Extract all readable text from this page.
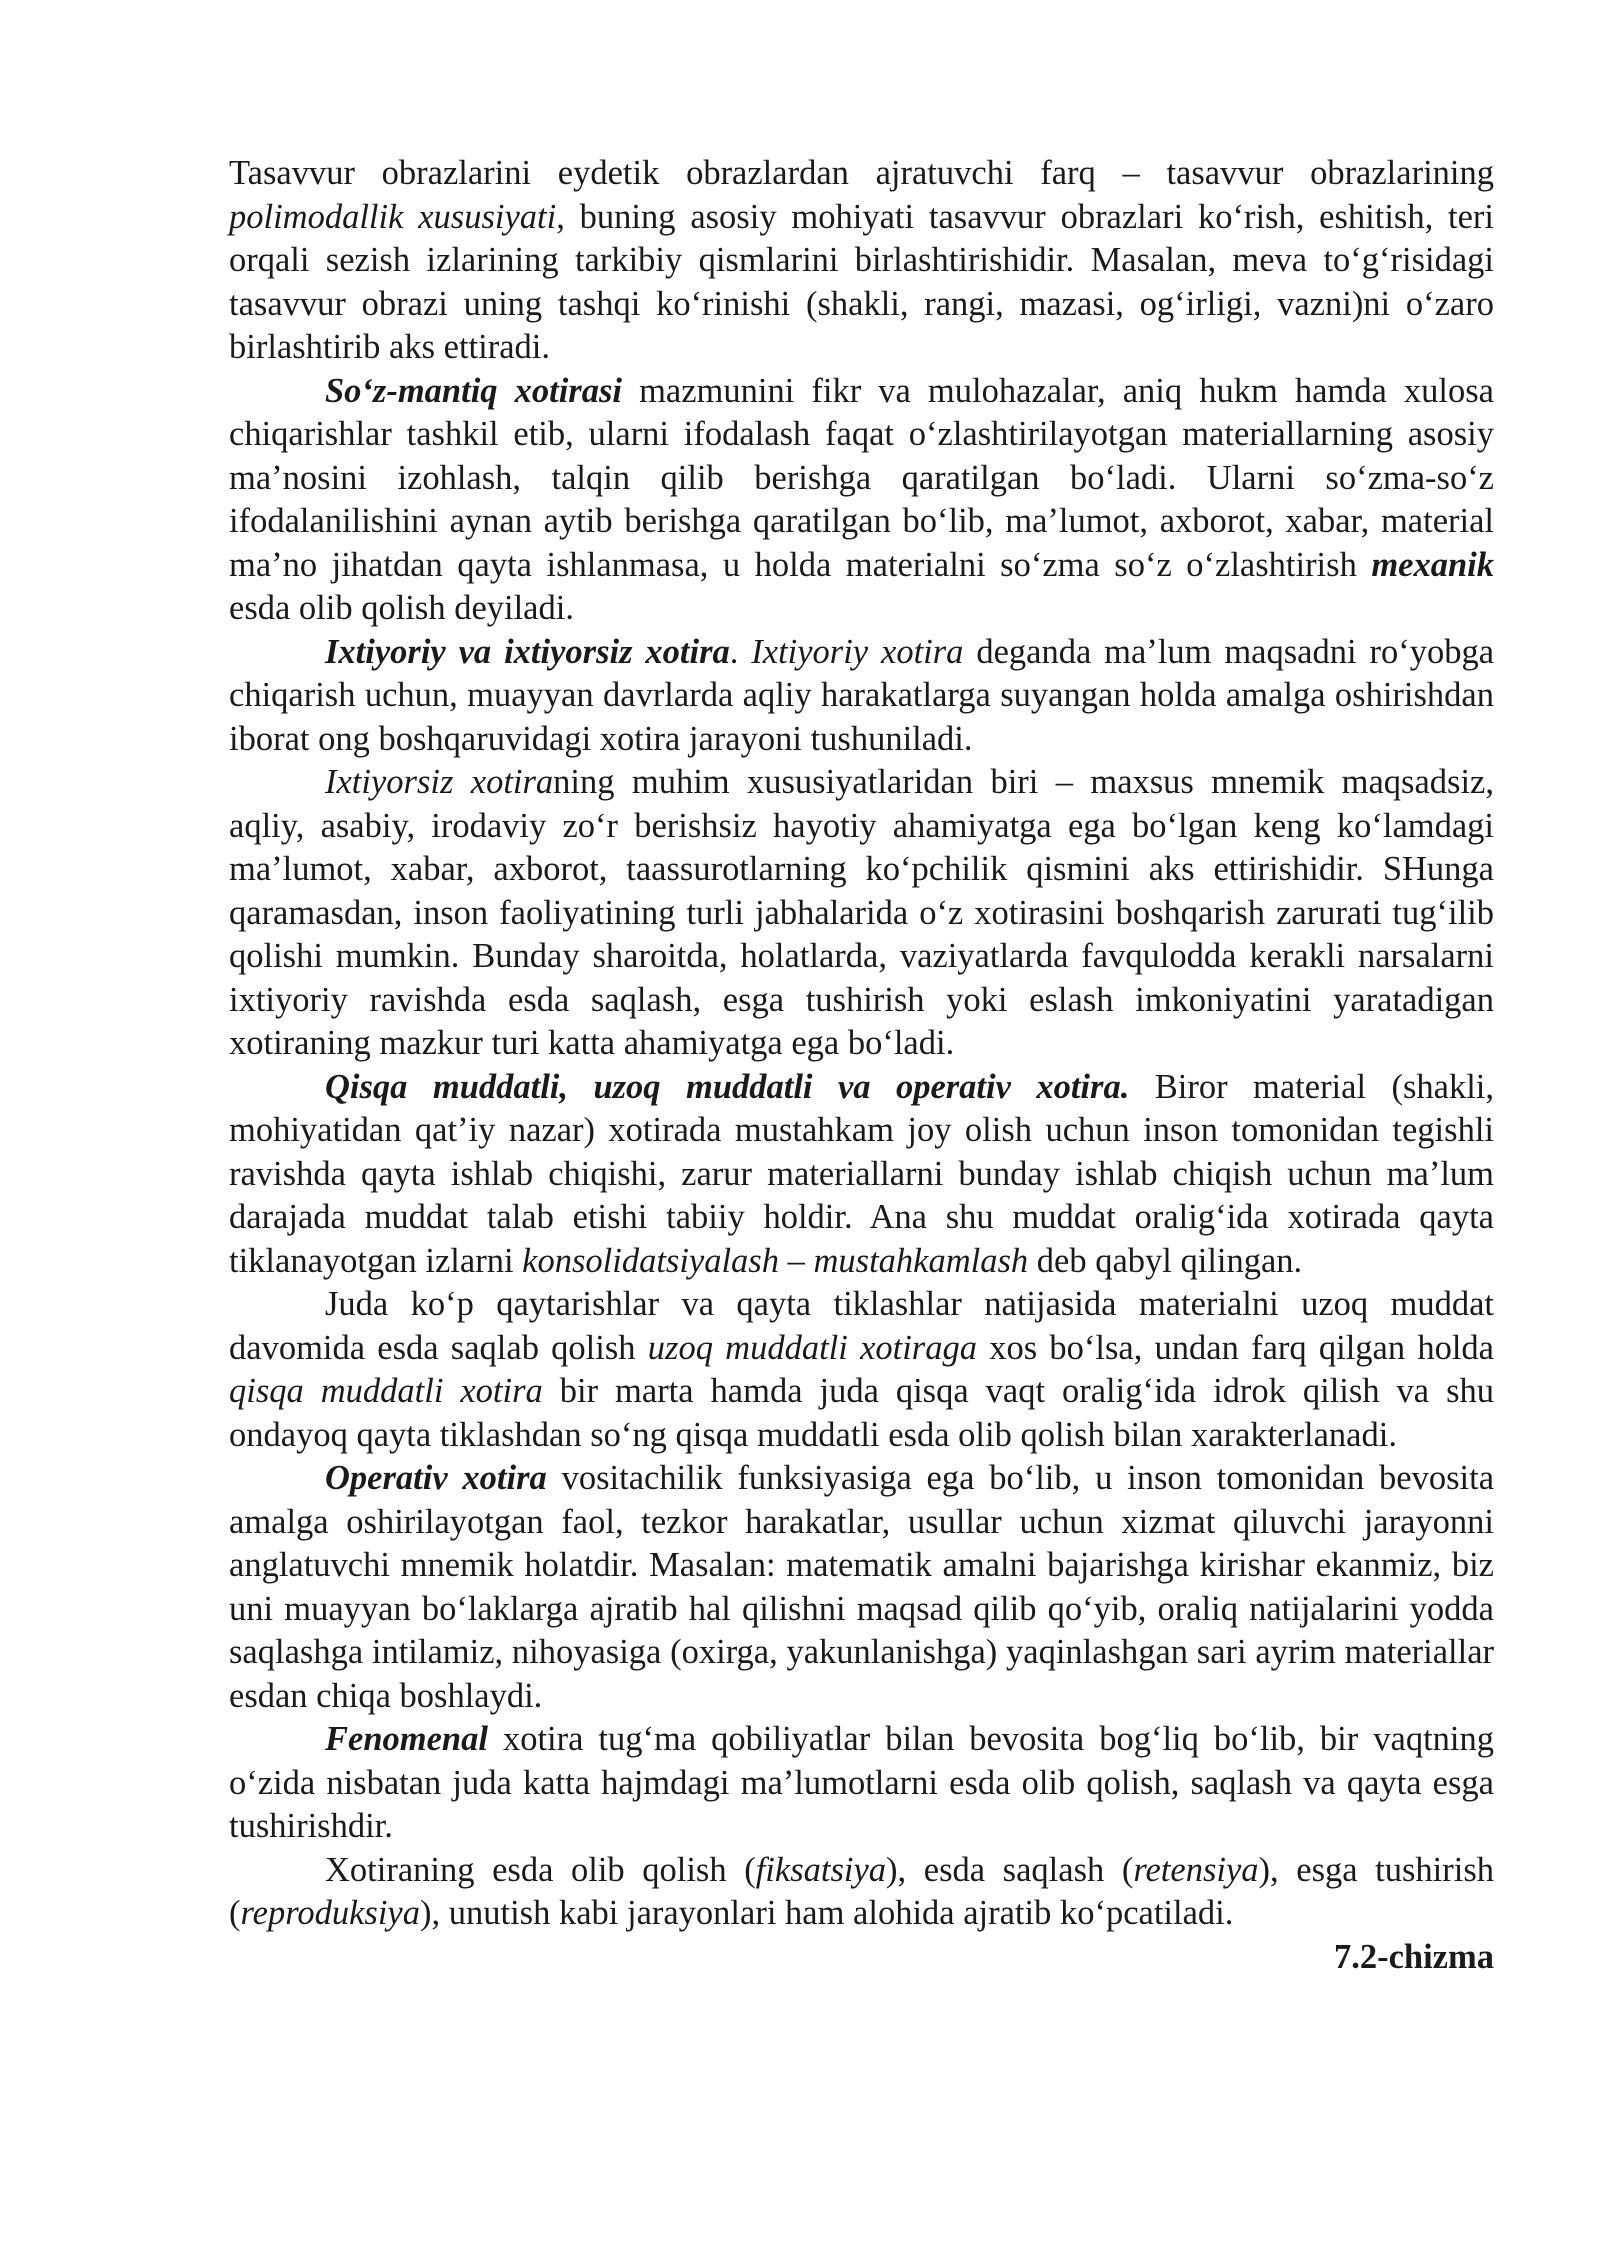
Tasavvur obrazlarini eydetik obrazlardan ajratuvchi farq – tasavvur obrazlarining polimodallik xususiyati, buning asosiy mohiyati tasavvur obrazlari koʻrish, eshitish, teri orqali sezish izlarining tarkibiy qismlarini birlashtirishidir. Masalan, meva toʻgʻrisidagi tasavvur obrazi uning tashqi koʻrinishi (shakli, rangi, mazasi, ogʻirligi, vazni)ni oʻzaro birlashtirib aks ettiradi.

Soʻz-mantiq xotirasi mazmunini fikr va mulohazalar, aniq hukm hamda xulosa chiqarishlar tashkil etib, ularni ifodalash faqat oʻzlashtirilayotgan materiallarning asosiy maʼnosini izohlash, talqin qilib berishga qaratilgan boʻladi. Ularni soʻzma-soʻz ifodalanilishini aynan aytib berishga qaratilgan boʻlib, maʼlumot, axborot, xabar, material maʼno jihatdan qayta ishlanmasa, u holda materialni soʻzma soʻz oʻzlashtirish mexanik esda olib qolish deyiladi.

Ixtiyoriy va ixtiyorsiz xotira. Ixtiyoriy xotira deganda maʼlum maqsadni roʻyobga chiqarish uchun, muayyan davrlarda aqliy harakatlarga suyangan holda amalga oshirishdan iborat ong boshqaruvidagi xotira jarayoni tushuniladi.

Ixtiyorsiz xotiraning muhim xususiyatlaridan biri – maxsus mnemik maqsadsiz, aqliy, asabiy, irodaviy zoʻr berishsiz hayotiy ahamiyatga ega boʻlgan keng koʻlamdagi maʼlumot, xabar, axborot, taassurotlarning koʻpchilik qismini aks ettirishidir. SHunga qaramasdan, inson faoliyatining turli jabhalarida oʻz xotirasini boshqarish zarurati tugʻilib qolishi mumkin. Bunday sharoitda, holatlarda, vaziyatlarda favqulodda kerakli narsalarni ixtiyoriy ravishda esda saqlash, esga tushirish yoki eslash imkoniyatini yaratadigan xotiraning mazkur turi katta ahamiyatga ega boʻladi.

Qisqa muddatli, uzoq muddatli va operativ xotira. Biror material (shakli, mohiyatidan qatʼiy nazar) xotirada mustahkam joy olish uchun inson tomonidan tegishli ravishda qayta ishlab chiqishi, zarur materiallarni bunday ishlab chiqish uchun maʼlum darajada muddat talab etishi tabiiy holdir. Ana shu muddat oraligʻida xotirada qayta tiklanayotgan izlarni konsolidatsiyalash – mustahkamlash deb qabyl qilingan.

Juda koʻp qaytarishlar va qayta tiklashlar natijasida materialni uzoq muddat davomida esda saqlab qolish uzoq muddatli xotiraga xos boʻlsa, undan farq qilgan holda qisqa muddatli xotira bir marta hamda juda qisqa vaqt oraligʻida idrok qilish va shu ondayoq qayta tiklashdan soʻng qisqa muddatli esda olib qolish bilan xarakterlanadi.

Operativ xotira vositachilik funksiyasiga ega boʻlib, u inson tomonidan bevosita amalga oshirilayotgan faol, tezkor harakatlar, usullar uchun xizmat qiluvchi jarayonni anglatuvchi mnemik holatdir. Masalan: matematik amalni bajarishga kirishar ekanmiz, biz uni muayyan boʻlaklarga ajratib hal qilishni maqsad qilib qoʻyib, oraliq natijalarini yodda saqlashga intilamiz, nihoyasiga (oxirga, yakunlanishga) yaqinlashgan sari ayrim materiallar esdan chiqa boshlaydi.

Fenomenal xotira tugʻma qobiliyatlar bilan bevosita bogʻliq boʻlib, bir vaqtning oʻzida nisbatan juda katta hajmdagi maʼlumotlarni esda olib qolish, saqlash va qayta esga tushirishdir.

Xotiraning esda olib qolish (fiksatsiya), esda saqlash (retensiya), esga tushirish (reproduksiya), unutish kabi jarayonlari ham alohida ajratib koʻpcatiladi.

7.2-chizma
